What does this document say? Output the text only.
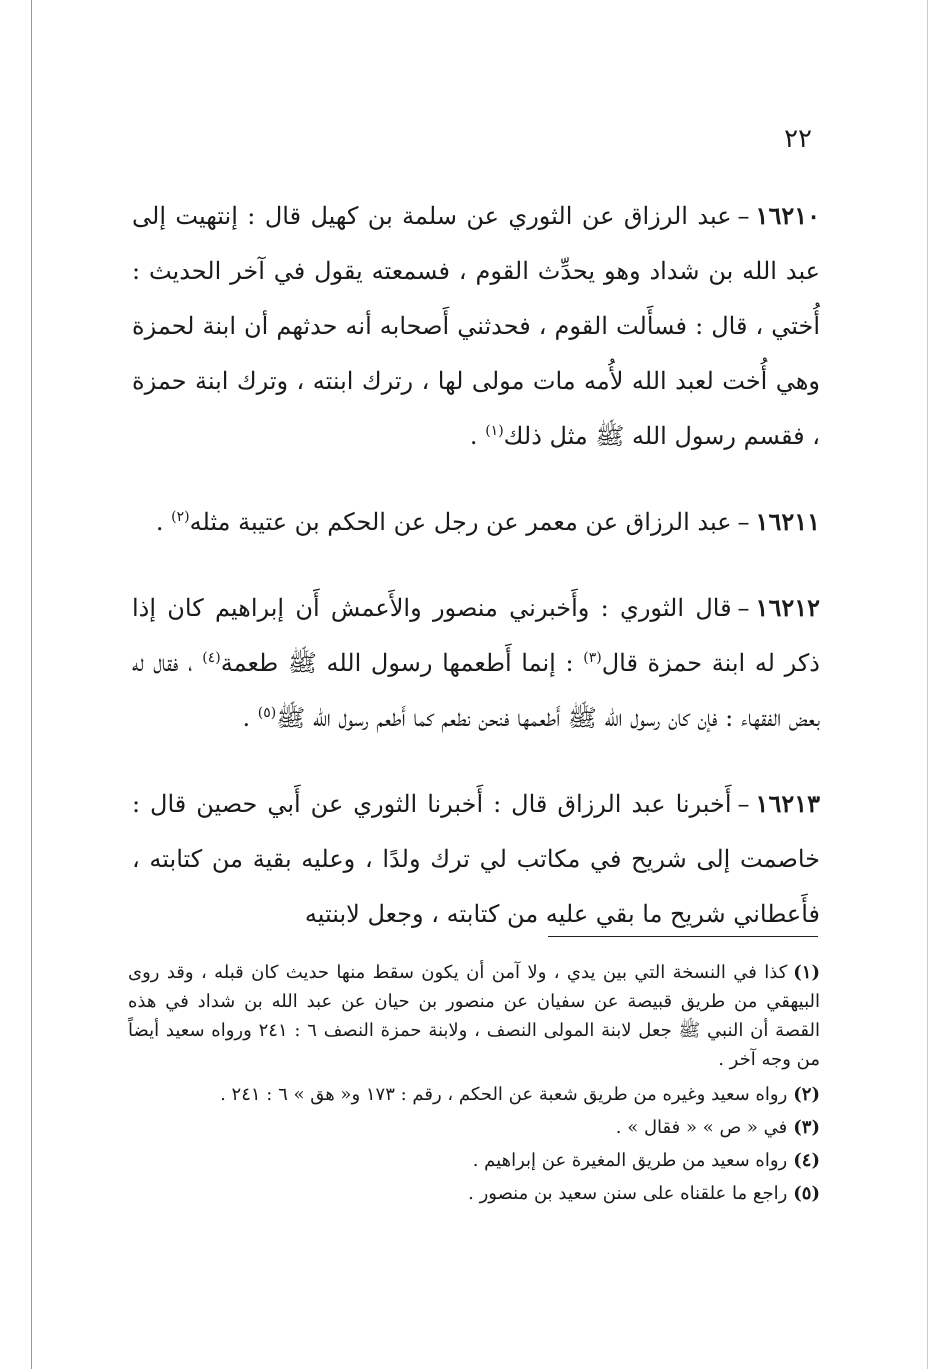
٢٢

١٦٢١٠–عبد الرزاق عن الثوري عن سلمة بن كهيل قال : إنتهيت إلى عبد الله بن شداد وهو يحدِّث القوم ، فسمعته يقول في آخر الحديث : أُختي ، قال : فسأَلت القوم ، فحدثني أَصحابه أنه حدثهم أن ابنة لحمزة وهي أُخت لعبد الله لأُمه مات مولى لها ، رترك ابنته ، وترك ابنة حمزة ، فقسم رسول الله ﷺ مثل ذلك$^{(١)}$ .

١٦٢١١–عبد الرزاق عن معمر عن رجل عن الحكم بن عتيبة مثله$^{(٢)}$ .

١٦٢١٢–قال الثوري : وأَخبرني منصور والأَعمش أَن إبراهيم كان إذا ذكر له ابنة حمزة قال$^{(٣)}$ : إنما أَطعمها رسول الله ﷺ طعمة$^{(٤)}$ ، فقال له بعض الفقهاء : فإن كان رسول الله ﷺ أَطعمها فنحن نطعم كما أَطعم رسول الله ﷺ$^{(٥)}$ .

١٦٢١٣–أَخبرنا عبد الرزاق قال : أَخبرنا الثوري عن أَبي حصين قال : خاصمت إلى شريح في مكاتب لي ترك ولدًا ، وعليه بقية من كتابته ، فأَعطاني شريح ما بقي عليه من كتابته ، وجعل لابنتيه

(١)كذا في النسخة التي بين يدي ، ولا آمن أن يكون سقط منها حديث كان قبله ، وقد روى البيهقي من طريق قبيصة عن سفيان عن منصور بن حيان عن عبد الله بن شداد في هذه القصة أن النبي ﷺ جعل لابنة المولى النصف ، ولابنة حمزة النصف ٦ : ٢٤١ ورواه سعيد أيضاً من وجه آخر .

(٢)رواه سعيد وغيره من طريق شعبة عن الحكم ، رقم : ١٧٣ و« هق » ٦ : ٢٤١ .

(٣)في « ص » « فقال » .

(٤)رواه سعيد من طريق المغيرة عن إبراهيم .

(٥)راجع ما علقناه على سنن سعيد بن منصور .
